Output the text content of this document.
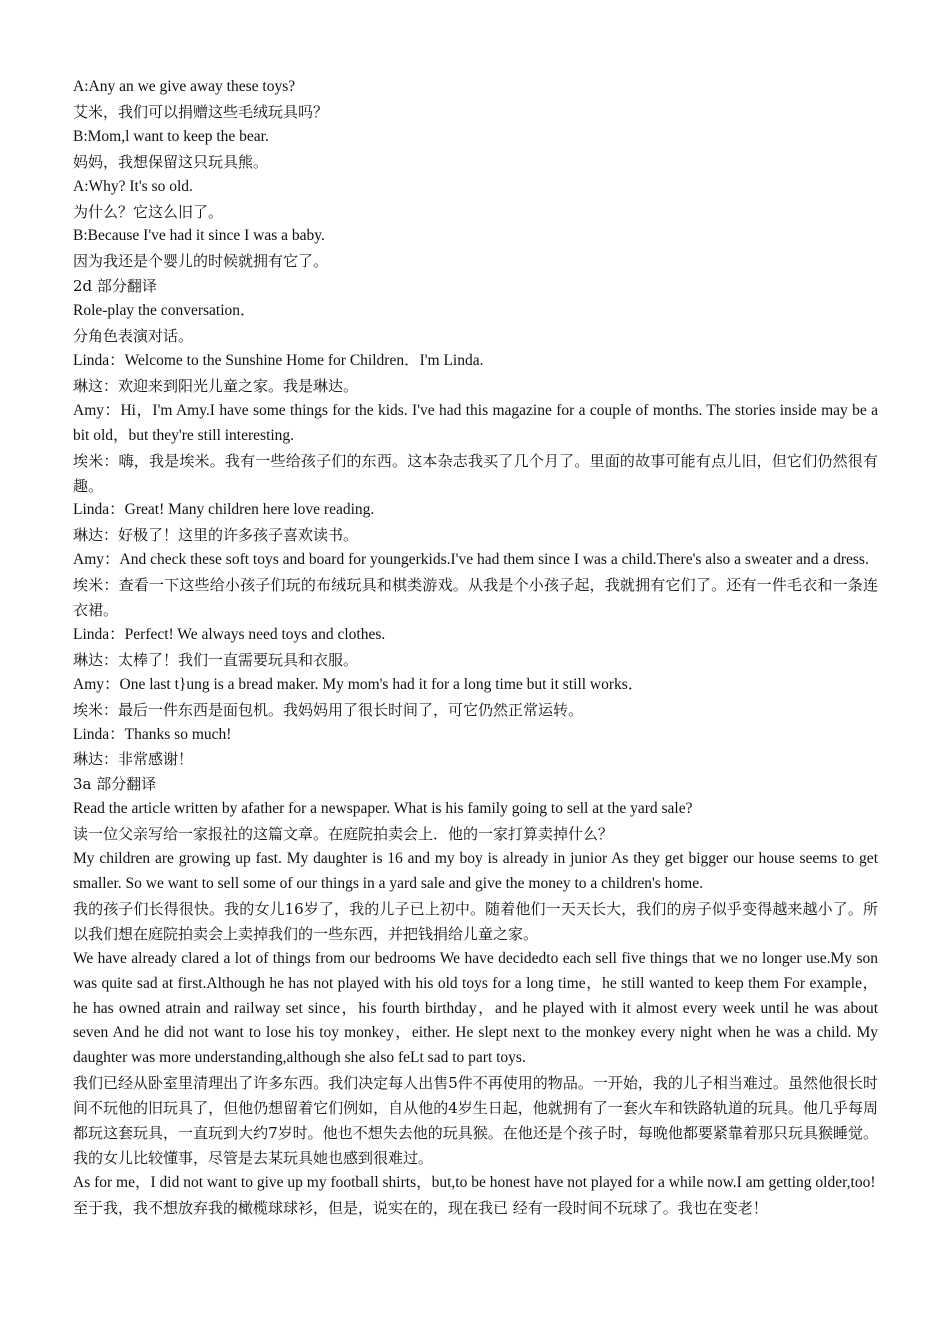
A:Any an we give away these toys?

艾米，我们可以捐赠这些毛绒玩具吗？

B:Mom,l want to keep the bear.

妈妈，我想保留这只玩具熊。

A:Why? It's so old.

为什么？它这么旧了。

B:Because I've had it since I was a baby.

因为我还是个婴儿的时候就拥有它了。

2d 部分翻译

Role-play the conversation．

分角色表演对话。

Linda：Welcome to the Sunshine Home for Children．I'm Linda.

琳这：欢迎来到阳光儿童之家。我是琳达。

Amy：Hi，I'm Amy.I have some things for the kids. I've had this magazine for a couple of months. The stories inside may be a bit old，but they're still interesting.

埃米：嗨，我是埃米。我有一些给孩子们的东西。这本杂志我买了几个月了。里面的故事可能有点儿旧，但它们仍然很有趣。

Linda：Great! Many children here love reading.

琳达：好极了！这里的许多孩子喜欢读书。

Amy：And check these soft toys and board for youngerkids.I've had them since I was a child.There's also a sweater and a dress.

埃米：查看一下这些给小孩子们玩的布绒玩具和棋类游戏。从我是个小孩子起，我就拥有它们了。还有一件毛衣和一条连衣裙。

Linda：Perfect! We always need toys and clothes.

琳达：太棒了！我们一直需要玩具和衣服。

Amy：One last t}ung is a bread maker. My mom's had it for a long time but it still works．

埃米：最后一件东西是面包机。我妈妈用了很长时间了，可它仍然正常运转。

Linda：Thanks so much!

琳达：非常感谢！

3a 部分翻译

Read the article written by afather for a newspaper. What is his family going to sell at the yard sale?

读一位父亲写给一家报社的这篇文章。在庭院拍卖会上．他的一家打算卖掉什么？

My children are growing up fast. My daughter is 16 and my boy is already in junior As they get bigger our house seems to get smaller. So we want to sell some of our things in a yard sale and give the money to a children's home.

我的孩子们长得很快。我的女儿16岁了，我的儿子已上初中。随着他们一天天长大，我们的房子似乎变得越来越小了。所以我们想在庭院拍卖会上卖掉我们的一些东西，并把钱捐给儿童之家。

We have already clared a lot of things from our bedrooms We have decidedto each sell five things that we no longer use.My son was quite sad at first.Although he has not played with his old toys for a long time，he still wanted to keep them For example，he has owned atrain and railway set since，his fourth birthday，and he played with it almost every week until he was about seven And he did not want to lose his toy monkey，either. He slept next to the monkey every night when he was a child. My daughter was more understanding,although she also feLt sad to part toys.

我们已经从卧室里清理出了许多东西。我们决定每人出售5件不再使用的物品。一开始，我的儿子相当难过。虽然他很长时间不玩他的旧玩具了，但他仍想留着它们例如，自从他的4岁生日起，他就拥有了一套火车和铁路轨道的玩具。他几乎每周都玩这套玩具，一直玩到大约7岁时。他也不想失去他的玩具猴。在他还是个孩子时，每晚他都要紧靠着那只玩具猴睡觉。我的女儿比较懂事，尽管是去某玩具她也感到很难过。

As for me，I did not want to give up my football shirts，but,to be honest have not played for a while now.I am getting older,too!

至于我，我不想放弃我的橄榄球球衫，但是，说实在的，现在我已 经有一段时间不玩球了。我也在变老！
